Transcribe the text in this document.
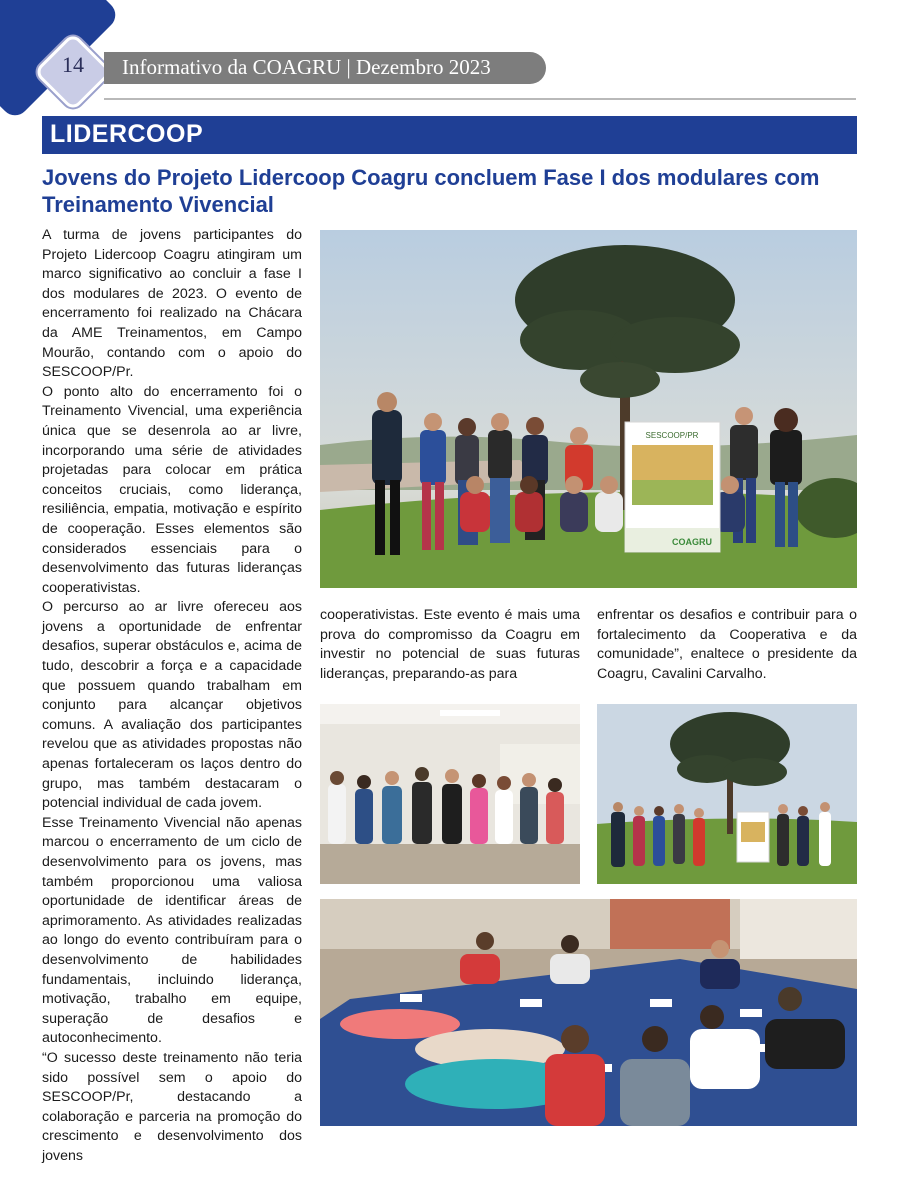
14	Informativo da COAGRU | Dezembro 2023
LIDERCOOP
Jovens do Projeto Lidercoop Coagru concluem Fase I dos modulares com Treinamento Vivencial

A turma de jovens participantes do Projeto Lidercoop Coagru atingiram um marco significativo ao concluir a fase I dos modulares de 2023. O evento de encerramento foi realizado na Chácara da AME Treinamentos, em Campo Mourão, contando com o apoio do SESCOOP/Pr.

O ponto alto do encerramento foi o Treinamento Vivencial, uma experiência única que se desenrola ao ar livre, incorporando uma série de atividades projetadas para colocar em prática conceitos cruciais, como liderança, resiliência, empatia, motivação e espírito de cooperação. Esses elementos são considerados essenciais para o desenvolvimento das futuras lideranças cooperativistas.

O percurso ao ar livre ofereceu aos jovens a oportunidade de enfrentar desafios, superar obstáculos e, acima de tudo, descobrir a força e a capacidade que possuem quando trabalham em conjunto para alcançar objetivos comuns. A avaliação dos participantes revelou que as atividades propostas não apenas fortaleceram os laços dentro do grupo, mas também destacaram o potencial individual de cada jovem.

Esse Treinamento Vivencial não apenas marcou o encerramento de um ciclo de desenvolvimento para os jovens, mas também proporcionou uma valiosa oportunidade de identificar áreas de aprimoramento. As atividades realizadas ao longo do evento contribuíram para o desenvolvimento de habilidades fundamentais, incluindo liderança, motivação, trabalho em equipe, superação de desafios e autoconhecimento.

“O sucesso deste treinamento não teria sido possível sem o apoio do SESCOOP/Pr, destacando a colaboração e parceria na promoção do crescimento e desenvolvimento dos jovens

SESCOOP/PR
COAGRU

cooperativistas. Este evento é mais uma prova do compromisso da Coagru em investir no potencial de suas futuras lideranças, preparando-as para

enfrentar os desafios e contribuir para o fortalecimento da Cooperativa e da comunidade”, enaltece o presidente da Coagru, Cavalini Carvalho.
